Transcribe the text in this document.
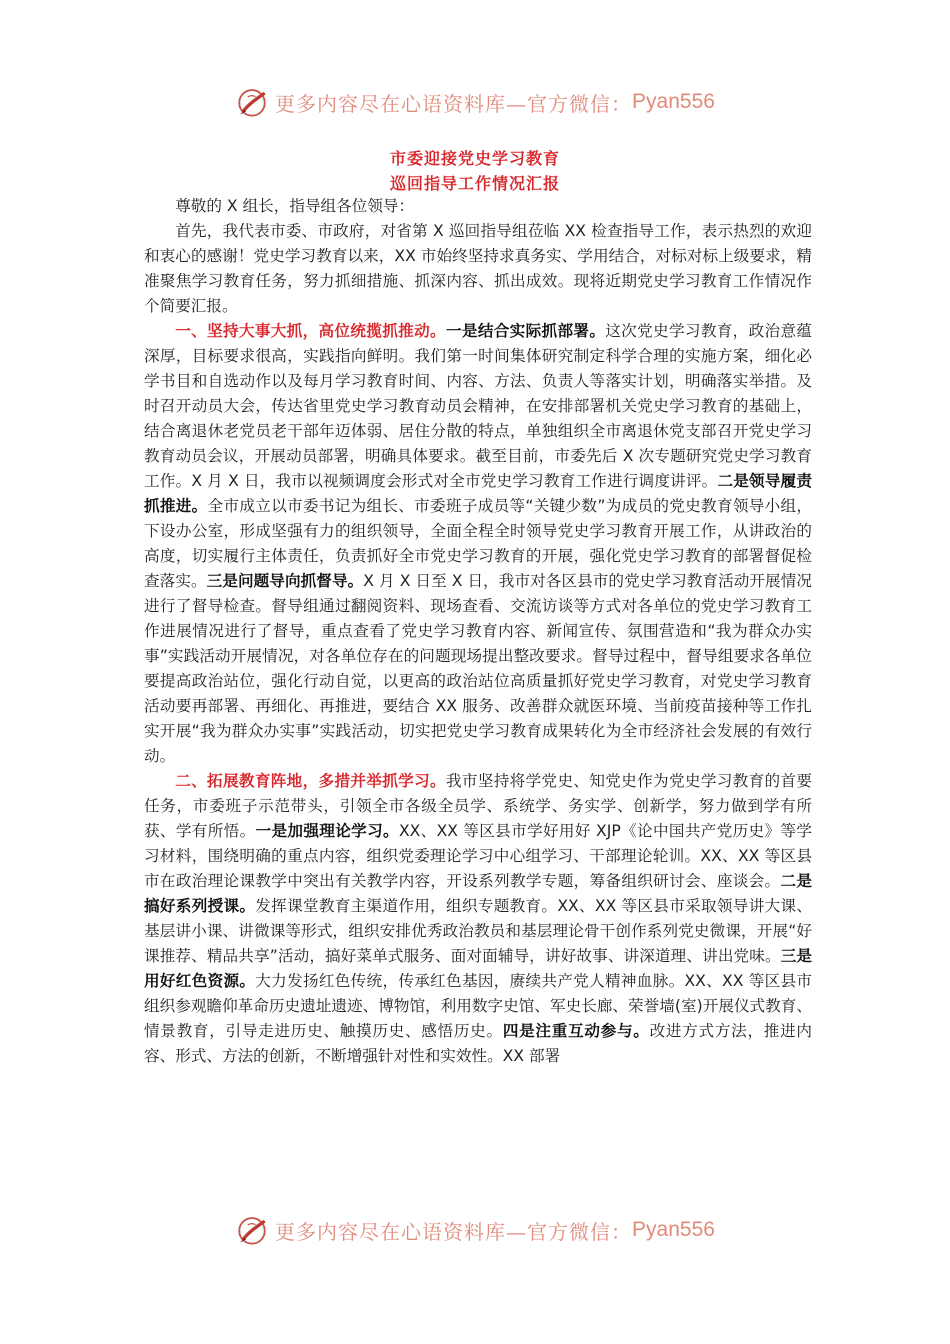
更多内容尽在心语资料库—官方微信： Pyan556
市委迎接党史学习教育
巡回指导工作情况汇报

尊敬的 X 组长，指导组各位领导：

首先，我代表市委、市政府，对省第 X 巡回指导组莅临 XX 检查指导工作，表示热烈的欢迎和衷心的感谢！党史学习教育以来，XX 市始终坚持求真务实、学用结合，对标对标上级要求，精准聚焦学习教育任务，努力抓细措施、抓深内容、抓出成效。现将近期党史学习教育工作情况作个简要汇报。

一、坚持大事大抓，高位统揽抓推动。一是结合实际抓部署。这次党史学习教育，政治意蕴深厚，目标要求很高，实践指向鲜明。我们第一时间集体研究制定科学合理的实施方案，细化必学书目和自选动作以及每月学习教育时间、内容、方法、负责人等落实计划，明确落实举措。及时召开动员大会，传达省里党史学习教育动员会精神，在安排部署机关党史学习教育的基础上，结合离退休老党员老干部年迈体弱、居住分散的特点，单独组织全市离退休党支部召开党史学习教育动员会议，开展动员部署，明确具体要求。截至目前，市委先后 X 次专题研究党史学习教育工作。X 月 X 日，我市以视频调度会形式对全市党史学习教育工作进行调度讲评。二是领导履责抓推进。全市成立以市委书记为组长、市委班子成员等“关键少数”为成员的党史教育领导小组，下设办公室，形成坚强有力的组织领导，全面全程全时领导党史学习教育开展工作，从讲政治的高度，切实履行主体责任，负责抓好全市党史学习教育的开展，强化党史学习教育的部署督促检查落实。三是问题导向抓督导。X 月 X 日至 X 日，我市对各区县市的党史学习教育活动开展情况进行了督导检查。督导组通过翻阅资料、现场查看、交流访谈等方式对各单位的党史学习教育工作进展情况进行了督导，重点查看了党史学习教育内容、新闻宣传、氛围营造和“我为群众办实事”实践活动开展情况，对各单位存在的问题现场提出整改要求。督导过程中，督导组要求各单位要提高政治站位，强化行动自觉，以更高的政治站位高质量抓好党史学习教育，对党史学习教育活动要再部署、再细化、再推进，要结合 XX 服务、改善群众就医环境、当前疫苗接种等工作扎实开展“我为群众办实事”实践活动，切实把党史学习教育成果转化为全市经济社会发展的有效行动。

二、拓展教育阵地，多措并举抓学习。我市坚持将学党史、知党史作为党史学习教育的首要任务，市委班子示范带头，引领全市各级全员学、系统学、务实学、创新学，努力做到学有所获、学有所悟。一是加强理论学习。XX、XX 等区县市学好用好 XJP《论中国共产党历史》等学习材料，围绕明确的重点内容，组织党委理论学习中心组学习、干部理论轮训。XX、XX 等区县市在政治理论课教学中突出有关教学内容，开设系列教学专题，筹备组织研讨会、座谈会。二是搞好系列授课。发挥课堂教育主渠道作用，组织专题教育。XX、XX 等区县市采取领导讲大课、基层讲小课、讲微课等形式，组织安排优秀政治教员和基层理论骨干创作系列党史微课，开展“好课推荐、精品共享”活动，搞好菜单式服务、面对面辅导，讲好故事、讲深道理、讲出党味。三是用好红色资源。大力发扬红色传统，传承红色基因，赓续共产党人精神血脉。XX、XX 等区县市组织参观瞻仰革命历史遗址遗迹、博物馆，利用数字史馆、军史长廊、荣誉墙(室)开展仪式教育、情景教育，引导走进历史、触摸历史、感悟历史。四是注重互动参与。改进方式方法，推进内容、形式、方法的创新，不断增强针对性和实效性。XX 部署

更多内容尽在心语资料库—官方微信： Pyan556
